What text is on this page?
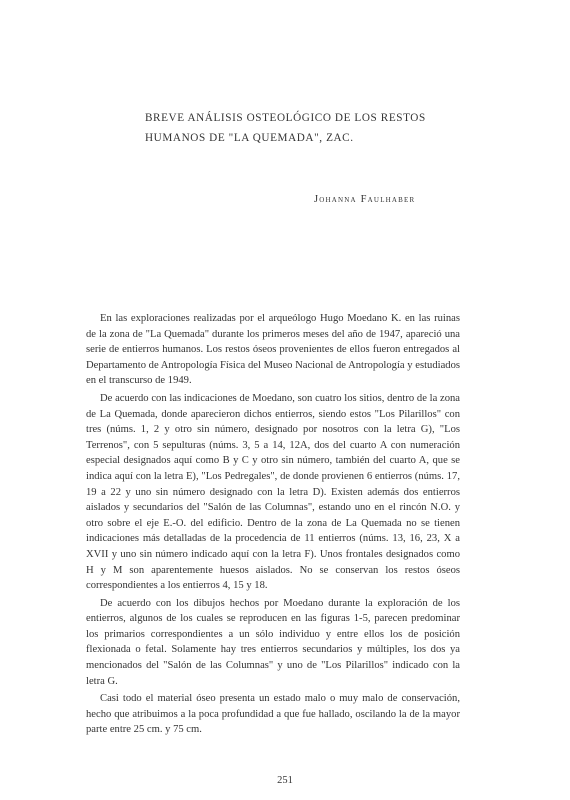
BREVE ANÁLISIS OSTEOLÓGICO DE LOS RESTOS
HUMANOS DE "LA QUEMADA", ZAC.
Johanna Faulhaber

En las exploraciones realizadas por el arqueólogo Hugo Moedano K. en las ruinas de la zona de "La Quemada" durante los primeros meses del año de 1947, apareció una serie de entierros humanos. Los restos óseos provenientes de ellos fueron entregados al Departamento de Antropología Física del Museo Nacional de Antropología y estudiados en el transcurso de 1949.

De acuerdo con las indicaciones de Moedano, son cuatro los sitios, dentro de la zona de La Quemada, donde aparecieron dichos entierros, siendo estos "Los Pilarillos" con tres (núms. 1, 2 y otro sin número, designado por nosotros con la letra G), "Los Terrenos", con 5 sepulturas (núms. 3, 5 a 14, 12A, dos del cuarto A con numeración especial designados aquí como B y C y otro sin número, también del cuarto A, que se indica aquí con la letra E), "Los Pedregales", de donde provienen 6 entierros (núms. 17, 19 a 22 y uno sin número designado con la letra D). Existen además dos entierros aislados y secundarios del "Salón de las Columnas", estando uno en el rincón N.O. y otro sobre el eje E.-O. del edificio. Dentro de la zona de La Quemada no se tienen indicaciones más detalladas de la procedencia de 11 entierros (núms. 13, 16, 23, X a XVII y uno sin número indicado aquí con la letra F). Unos frontales designados como H y M son aparentemente huesos aislados. No se conservan los restos óseos correspondientes a los entierros 4, 15 y 18.

De acuerdo con los dibujos hechos por Moedano durante la exploración de los entierros, algunos de los cuales se reproducen en las figuras 1-5, parecen predominar los primarios correspondientes a un sólo individuo y entre ellos los de posición flexionada o fetal. Solamente hay tres entierros secundarios y múltiples, los dos ya mencionados del "Salón de las Columnas" y uno de "Los Pilarillos" indicado con la letra G.

Casi todo el material óseo presenta un estado malo o muy malo de conservación, hecho que atribuimos a la poca profundidad a que fue hallado, oscilando la de la mayor parte entre 25 cm. y 75 cm.

251
